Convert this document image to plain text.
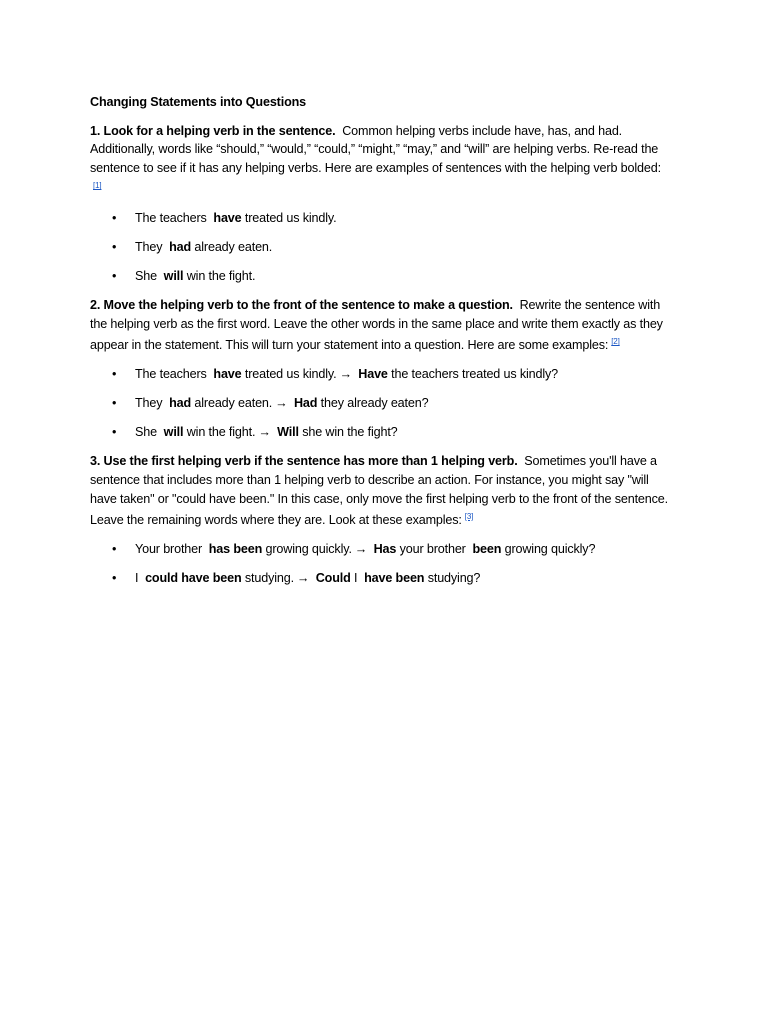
Changing Statements into Questions

1. Look for a helping verb in the sentence. Common helping verbs include have, has, and had. Additionally, words like “should,” “would,” “could,” “might,” “may,” and “will” are helping verbs. Re-read the sentence to see if it has any helping verbs. Here are examples of sentences with the helping verb bolded:[1]

• The teachers have treated us kindly.
• They had already eaten.
• She will win the fight.

2. Move the helping verb to the front of the sentence to make a question. Rewrite the sentence with the helping verb as the first word. Leave the other words in the same place and write them exactly as they appear in the statement. This will turn your statement into a question. Here are some examples: [2]

• The teachers have treated us kindly. → Have the teachers treated us kindly?
• They had already eaten. → Had they already eaten?
• She will win the fight. → Will she win the fight?

3. Use the first helping verb if the sentence has more than 1 helping verb. Sometimes you'll have a sentence that includes more than 1 helping verb to describe an action. For instance, you might say "will have taken" or "could have been." In this case, only move the first helping verb to the front of the sentence. Leave the remaining words where they are. Look at these examples: [3]

• Your brother has been growing quickly. → Has your brother been growing quickly?
• I could have been studying. → Could I have been studying?
